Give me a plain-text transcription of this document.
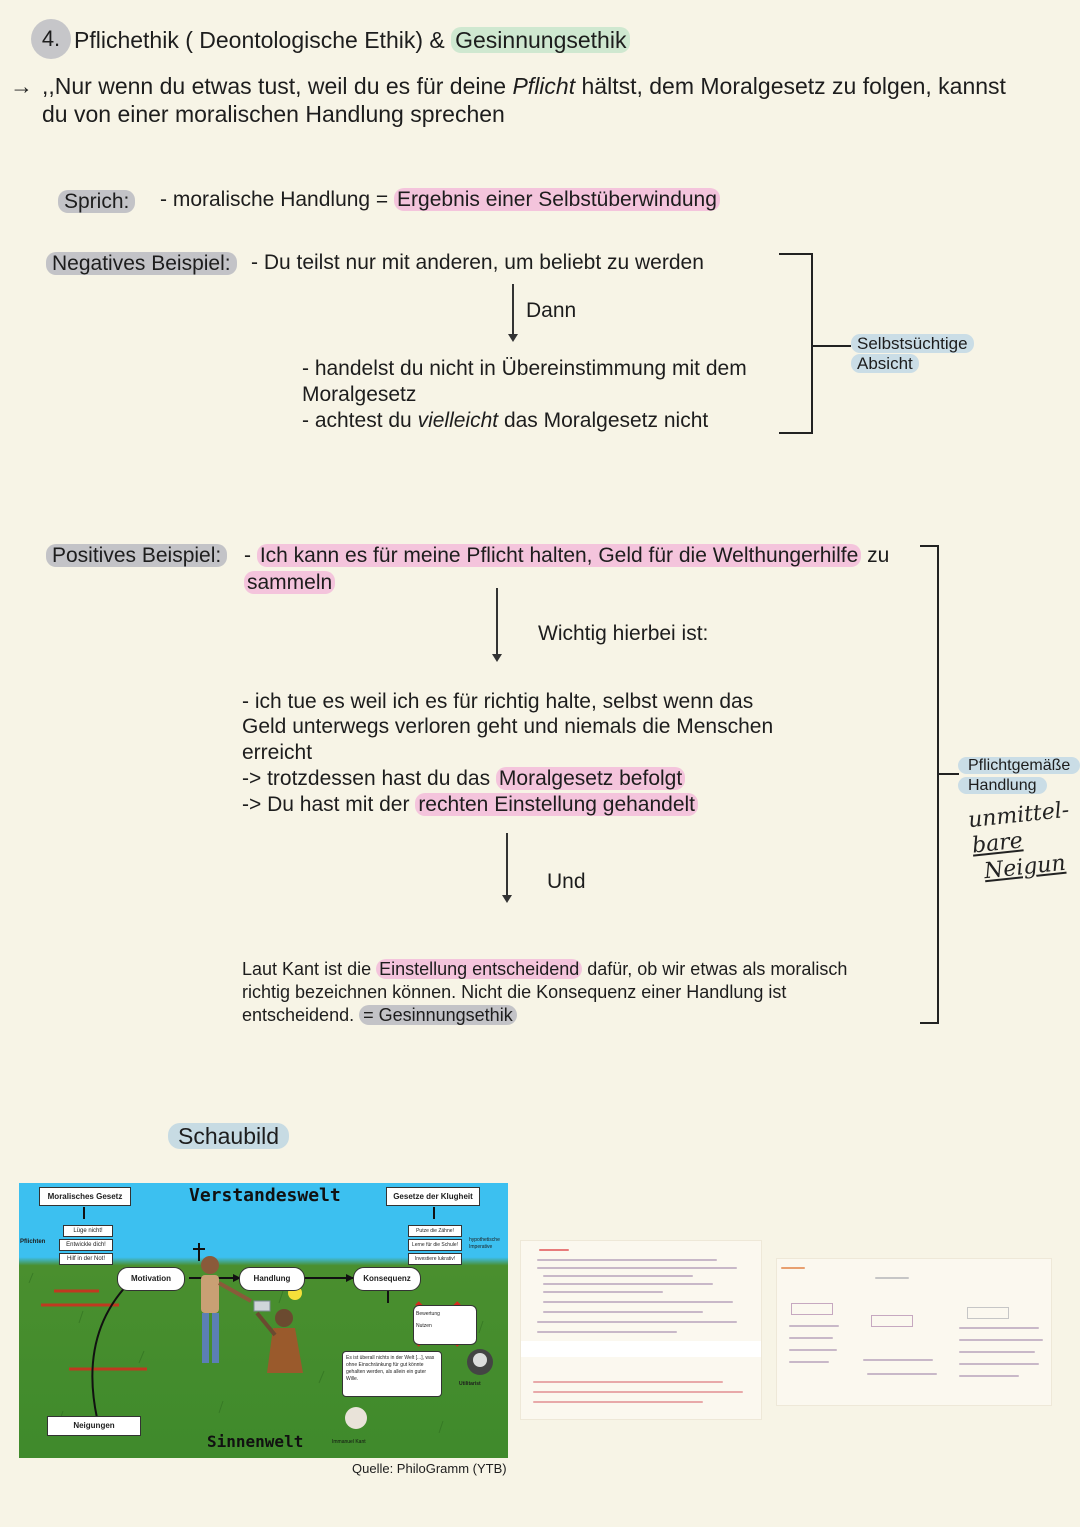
4. Pflichethik ( Deontologische Ethik) & Gesinnungsethik
→ ,,Nur wenn du etwas tust, weil du es für deine Pflicht hältst, dem Moralgesetz zu folgen, kannst
du von einer moralischen Handlung sprechen
Sprich: - moralische Handlung = Ergebnis einer Selbstüberwindung
Negatives Beispiel: - Du teilst nur mit anderen, um beliebt zu werden
Dann
- handelst du nicht in Übereinstimmung mit dem
Moralgesetz
- achtest du vielleicht das Moralgesetz nicht
Selbstsüchtige
Absicht
Positives Beispiel: - Ich kann es für meine Pflicht halten, Geld für die Welthungerhilfe zu
sammeln
Wichtig hierbei ist:
- ich tue es weil ich es für richtig halte, selbst wenn das
Geld unterwegs verloren geht und niemals die Menschen
erreicht
-> trotzdessen hast du das Moralgesetz befolgt
-> Du hast mit der rechten Einstellung gehandelt
Und
Laut Kant ist die Einstellung entscheidend dafür, ob wir etwas als moralisch
richtig bezeichnen können. Nicht die Konsequenz einer Handlung ist
entscheidend. = Gesinnungsethik
Pflichtgemäße
Handlung
unmittel-
bare
Neigun
Schaubild
Moralisches Gesetz	Verstandeswelt	Gesetze der Klugheit
Pflichten
Lüge nicht!
Entwickle dich!
Hilf in der Not!
Putze die Zähne!
Lerne für die Schule!
Investiere lukrativ!
hypothetische Imperative
Motivation	Handlung	Konsequenz
Bewertung
Nutzen
Es ist überall nichts in der Welt [...], was ohne Einschränkung für gut könnte gehalten werden, als allein ein guter Wille.
Utilitarist
Neigungen
Sinnenwelt	Immanuel Kant
Quelle: PhiloGramm (YTB)
